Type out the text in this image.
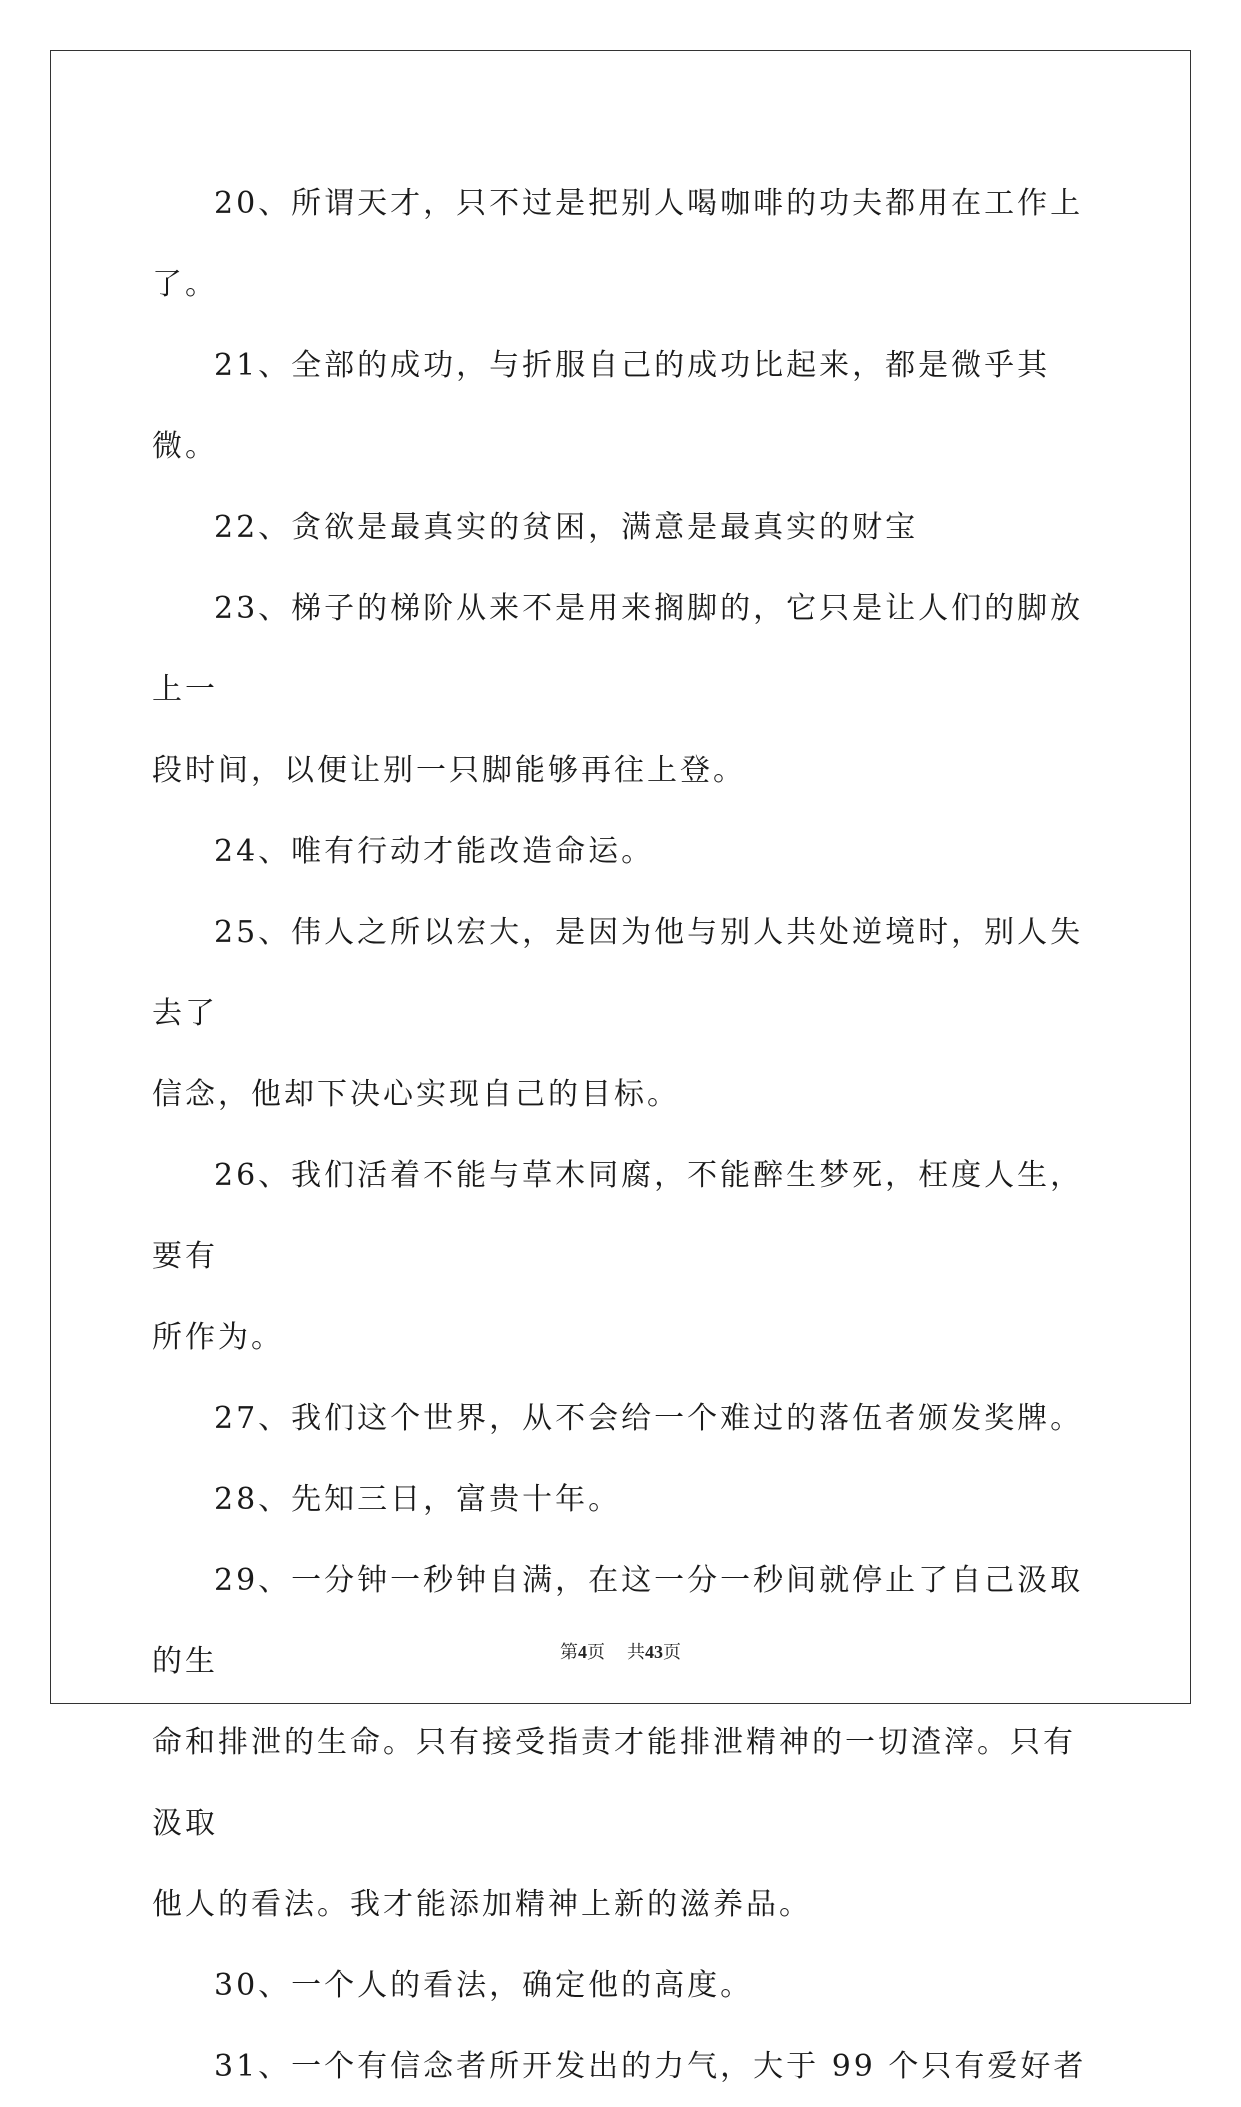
20、所谓天才，只不过是把别人喝咖啡的功夫都用在工作上了。

21、全部的成功，与折服自己的成功比起来，都是微乎其微。

22、贪欲是最真实的贫困，满意是最真实的财宝

23、梯子的梯阶从来不是用来搁脚的，它只是让人们的脚放上一
段时间，以便让别一只脚能够再往上登。

24、唯有行动才能改造命运。

25、伟人之所以宏大，是因为他与别人共处逆境时，别人失去了
信念，他却下决心实现自己的目标。

26、我们活着不能与草木同腐，不能醉生梦死，枉度人生，要有
所作为。

27、我们这个世界，从不会给一个难过的落伍者颁发奖牌。

28、先知三日，富贵十年。

29、一分钟一秒钟自满，在这一分一秒间就停止了自己汲取的生
命和排泄的生命。只有接受指责才能排泄精神的一切渣滓。只有汲取
他人的看法。我才能添加精神上新的滋养品。

30、一个人的看法，确定他的高度。

31、一个有信念者所开发出的力气，大于 99 个只有爱好者

第4页 共43页
